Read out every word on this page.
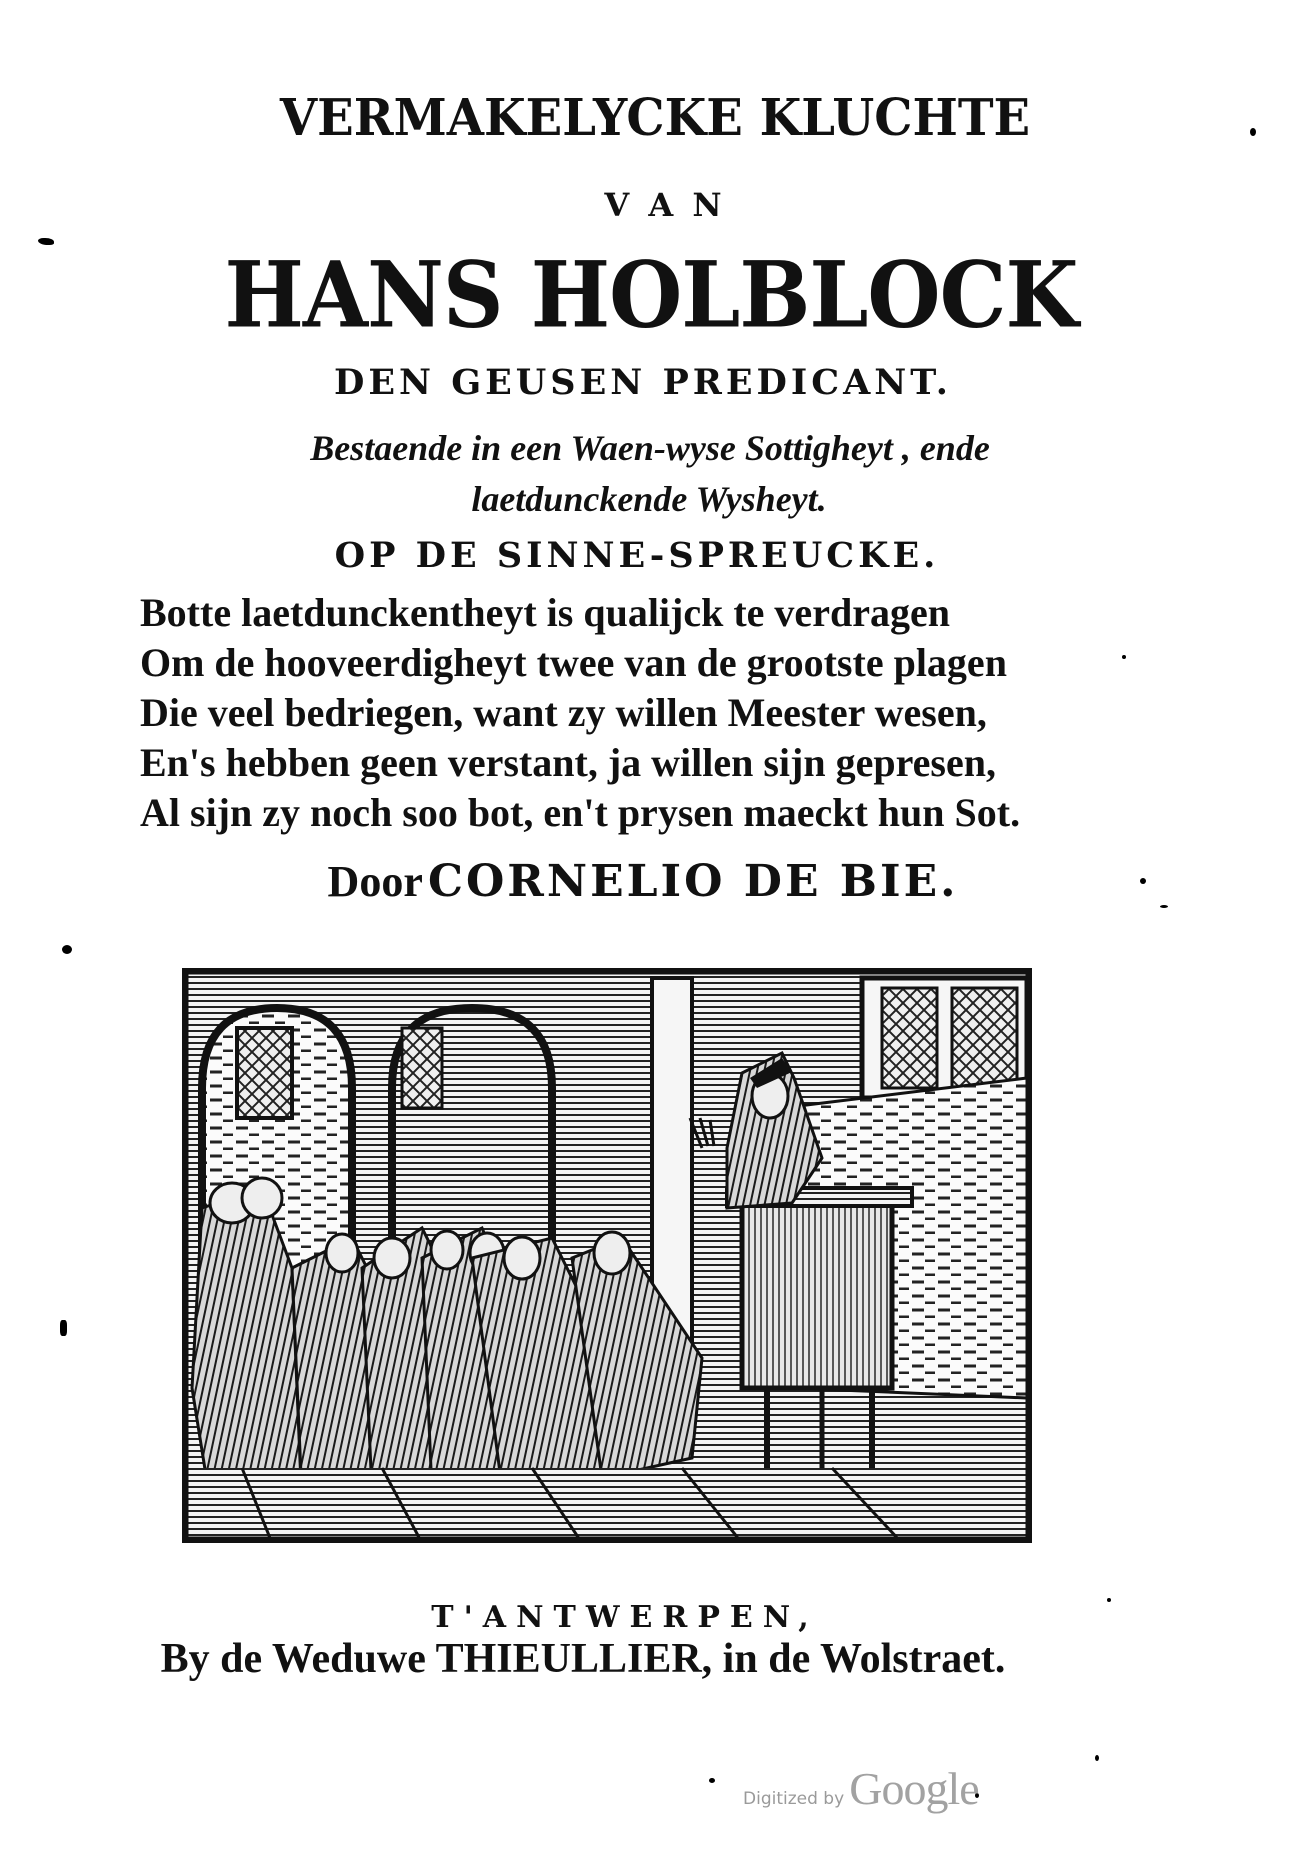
VERMAKELYCKE KLUCHTE
V A N
HANS HOLBLOCK
DEN GEUSEN PREDICANT.
Bestaende in een Waen-wyse Sottigheyt , ende
laetdunckende Wysheyt.
OP DE SINNE-SPREUCKE.
Botte laetdunckentheyt is qualijck te verdragen
Om de hooveerdigheyt twee van de grootste plagen
Die veel bedriegen, want zy willen Meester wesen,
En's hebben geen verstant, ja willen sijn gepresen,
Al sijn zy noch soo bot, en't prysen maeckt hun Sot.
Door CORNELIO DE BIE.
T'ANTWERPEN,
By de Weduwe THIEULLIER, in de Wolstraet.
Digitized by Google
